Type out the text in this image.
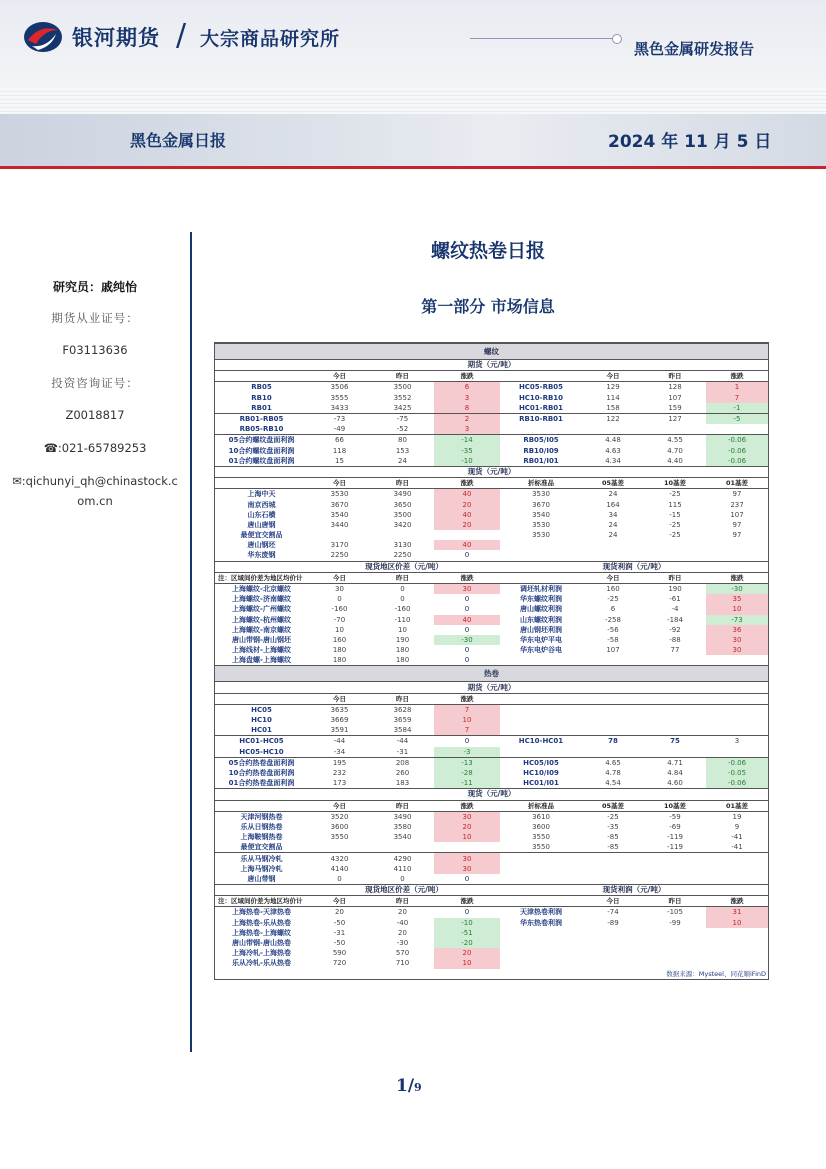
银河期货 / 大宗商品研究所	黑色金属研发报告
黑色金属日报	2024 年 11 月 5 日
研究员：戚纯怡
期货从业证号：
F03113636
投资咨询证号：
Z0018817
☎:021-65789253
✉:qichunyi_qh@chinastock.c
om.cn
螺纹热卷日报
第一部分 市场信息
螺纹							
期货（元/吨）							
	今日	昨日	涨跌		今日	昨日	涨跌
RB05	3506	3500	6	HC05-RB05	129	128	1
RB10	3555	3552	3	HC10-RB10	114	107	7
RB01	3433	3425	8	HC01-RB01	158	159	-1
RB01-RB05	-73	-75	2	RB10-RB01	122	127	-5
RB05-RB10	-49	-52	3				
05合约螺纹盘面利润	66	80	-14	RB05/I05	4.48	4.55	-0.06
10合约螺纹盘面利润	118	153	-35	RB10/I09	4.63	4.70	-0.06
01合约螺纹盘面利润	15	24	-10	RB01/I01	4.34	4.40	-0.06
现货（元/吨）							
	今日	昨日	涨跌	折标准品	05基差	10基差	01基差
上海中天	3530	3490	40	3530	24	-25	97
南京西城	3670	3650	20	3670	164	115	237
山东石横	3540	3500	40	3540	34	-15	107
唐山唐钢	3440	3420	20	3530	24	-25	97
最便宜交割品				3530	24	-25	97
唐山钢坯	3170	3130	40				
华东废钢	2250	2250	0				
	现货地区价差（元/吨）			现货利润（元/吨）			
注：区域间价差为地区均价计	今日	昨日	涨跌		今日	昨日	涨跌
上海螺纹-北京螺纹	30	0	30	调坯轧材利润	160	190	-30
上海螺纹-济南螺纹	0	0	0	华东螺纹利润	-25	-61	35
上海螺纹-广州螺纹	-160	-160	0	唐山螺纹利润	6	-4	10
上海螺纹-杭州螺纹	-70	-110	40	山东螺纹利润	-258	-184	-73
上海螺纹-南京螺纹	10	10	0	唐山钢坯利润	-56	-92	36
唐山带钢-唐山钢坯	160	190	-30	华东电炉平电	-58	-88	30
上海线材-上海螺纹	180	180	0	华东电炉谷电	107	77	30
上海盘螺-上海螺纹	180	180	0				
热卷							
期货（元/吨）							
	今日	昨日	涨跌				
HC05	3635	3628	7				
HC10	3669	3659	10				
HC01	3591	3584	7				
HC01-HC05	-44	-44	0	HC10-HC01	78	75	3
HC05-HC10	-34	-31	-3				
05合约热卷盘面利润	195	208	-13	HC05/I05	4.65	4.71	-0.06
10合约热卷盘面利润	232	260	-28	HC10/I09	4.78	4.84	-0.05
01合约热卷盘面利润	173	183	-11	HC01/I01	4.54	4.60	-0.06
现货（元/吨）							
	今日	昨日	涨跌	折标准品	05基差	10基差	01基差
天津河钢热卷	3520	3490	30	3610	-25	-59	19
乐从日钢热卷	3600	3580	20	3600	-35	-69	9
上海鞍钢热卷	3550	3540	10	3550	-85	-119	-41
最便宜交割品				3550	-85	-119	-41
乐从马钢冷轧	4320	4290	30				
上海马钢冷轧	4140	4110	30				
唐山带钢	0	0	0				
	现货地区价差（元/吨）			现货利润（元/吨）			
注：区域间价差为地区均价计	今日	昨日	涨跌		今日	昨日	涨跌
上海热卷-天津热卷	20	20	0	天津热卷利润	-74	-105	31
上海热卷-乐从热卷	-50	-40	-10	华东热卷利润	-89	-99	10
上海热卷-上海螺纹	-31	20	-51				
唐山带钢-唐山热卷	-50	-30	-20				
上海冷轧-上海热卷	590	570	20				
乐从冷轧-乐从热卷	720	710	10				
				数据来源：Mysteel、同花顺iFinD			
1/9
